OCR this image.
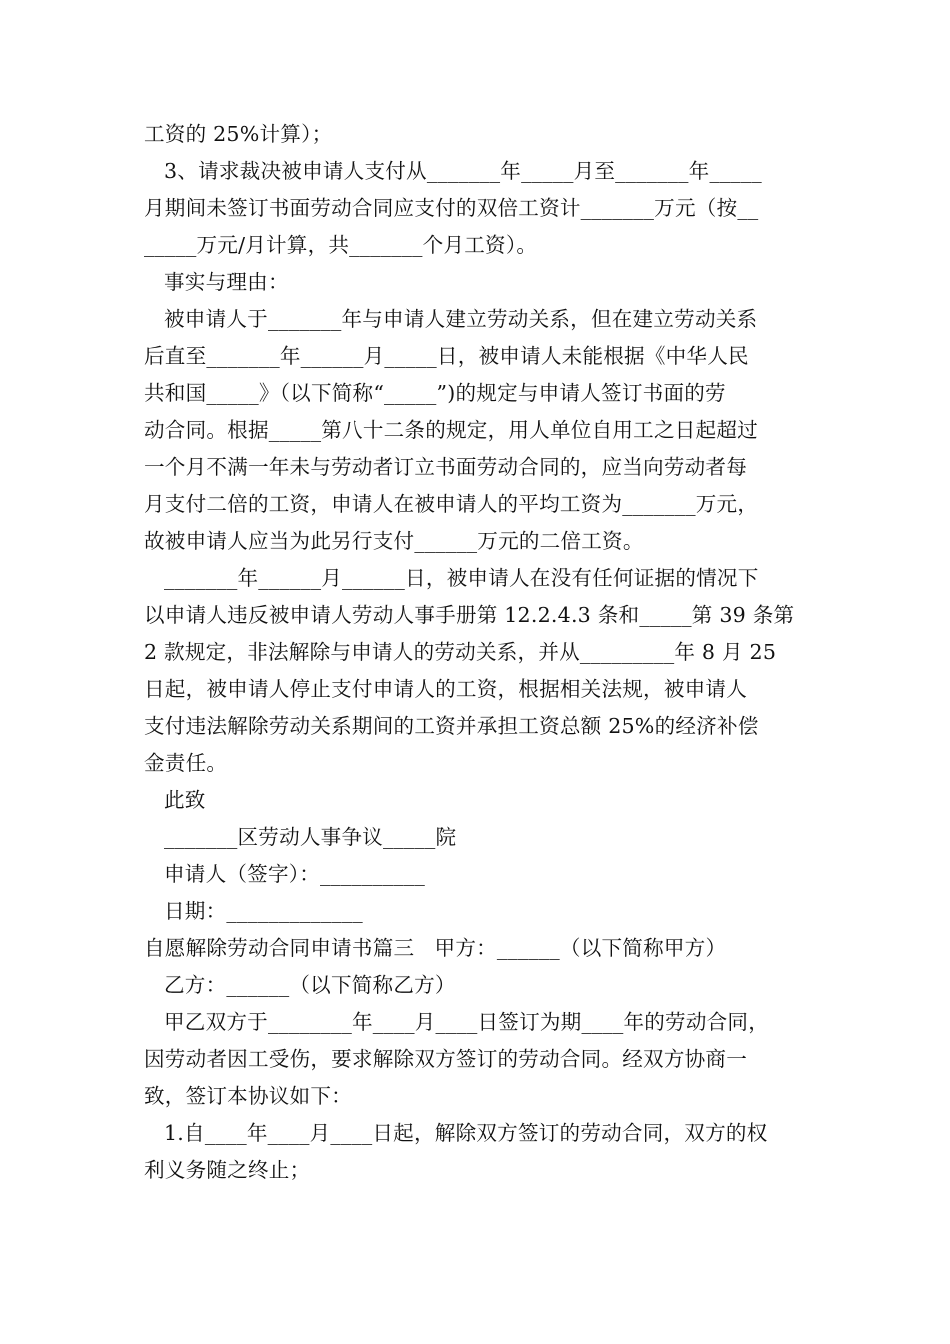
工资的 25%计算）；
3、请求裁决被申请人支付从_______年_____月至_______年_____
月期间未签订书面劳动合同应支付的双倍工资计_______万元（按__
_____万元/月计算，共_______个月工资）。
事实与理由：
被申请人于_______年与申请人建立劳动关系，但在建立劳动关系
后直至_______年______月_____日，被申请人未能根据《中华人民
共和国_____》（以下简称“_____”)的规定与申请人签订书面的劳
动合同。根据_____第八十二条的规定，用人单位自用工之日起超过
一个月不满一年未与劳动者订立书面劳动合同的，应当向劳动者每
月支付二倍的工资，申请人在被申请人的平均工资为_______万元，
故被申请人应当为此另行支付______万元的二倍工资。
_______年______月______日，被申请人在没有任何证据的情况下
以申请人违反被申请人劳动人事手册第 12.2.4.3 条和_____第 39 条第
2 款规定，非法解除与申请人的劳动关系，并从_________年 8 月 25
日起，被申请人停止支付申请人的工资，根据相关法规，被申请人
支付违法解除劳动关系期间的工资并承担工资总额 25%的经济补偿
金责任。
此致
_______区劳动人事争议_____院
申请人（签字）：__________
日期：_____________
自愿解除劳动合同申请书篇三   甲方：______（以下简称甲方）
乙方：______（以下简称乙方）
甲乙双方于________年____月____日签订为期____年的劳动合同，
因劳动者因工受伤，要求解除双方签订的劳动合同。经双方协商一
致，签订本协议如下：
1.自____年____月____日起，解除双方签订的劳动合同，双方的权
利义务随之终止；
